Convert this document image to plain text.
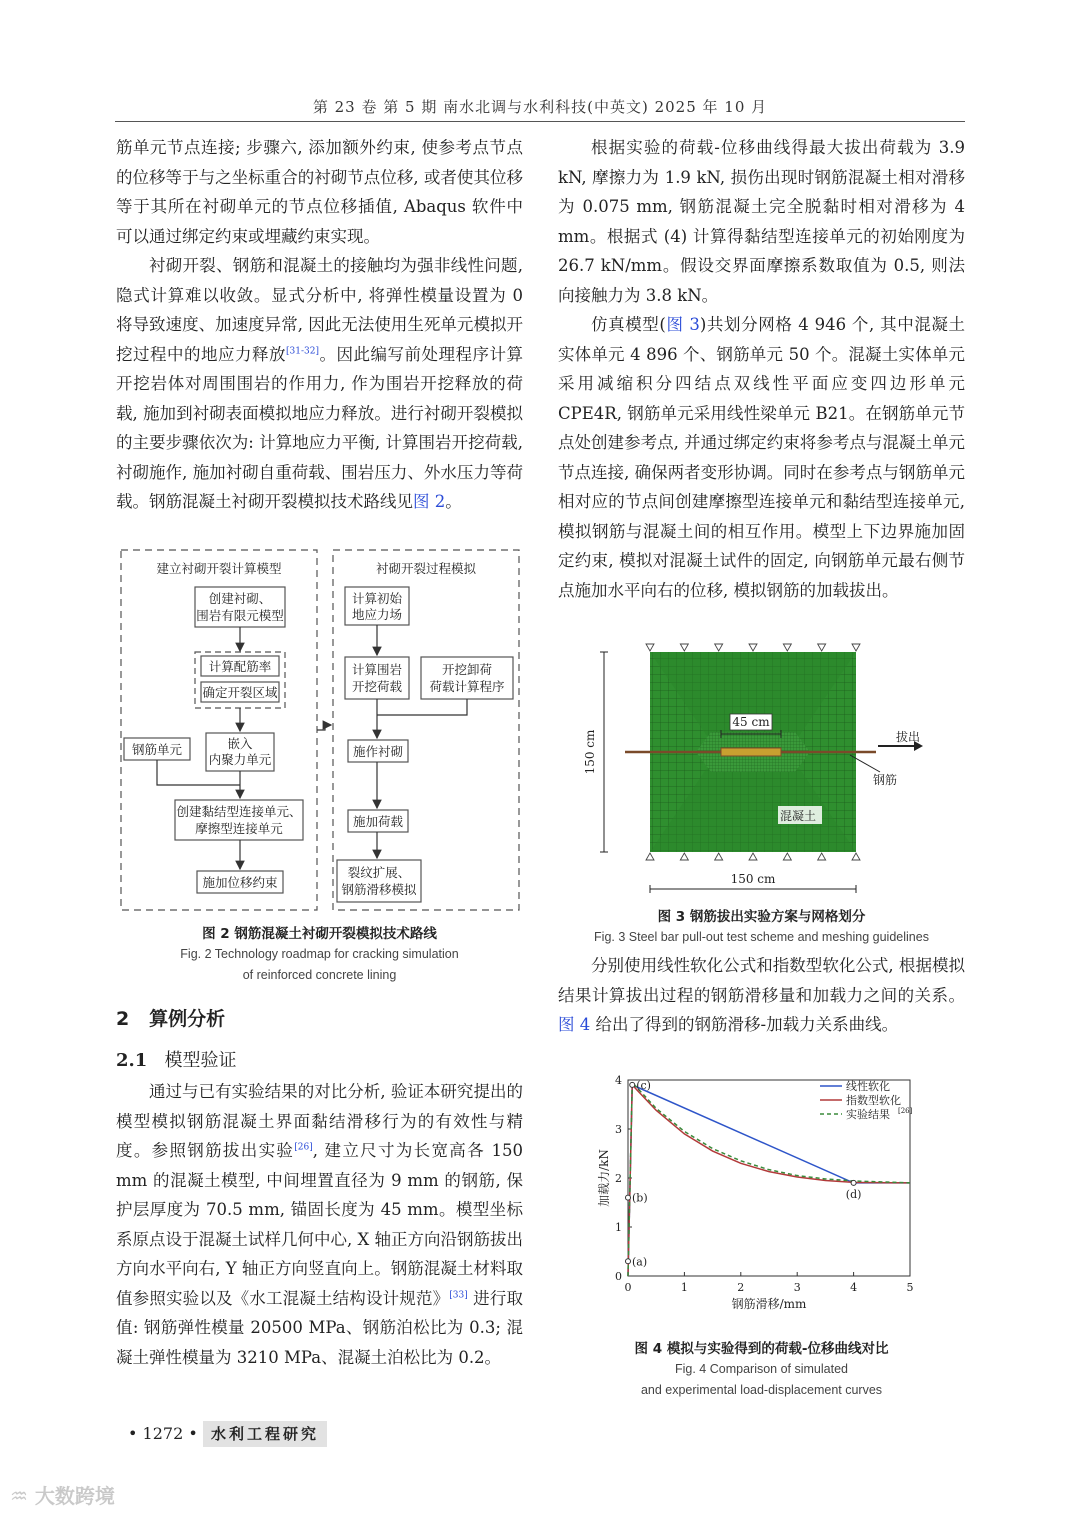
第 23 卷 第 5 期 南水北调与水利科技(中英文) 2025 年 10 月

筋单元节点连接; 步骤六, 添加额外约束, 使参考点节点的位移等于与之坐标重合的衬砌节点位移, 或者使其位移等于其所在衬砌单元的节点位移插值, Abaqus 软件中可以通过绑定约束或埋藏约束实现。

衬砌开裂、钢筋和混凝土的接触均为强非线性问题, 隐式计算难以收敛。显式分析中, 将弹性模量设置为 0 将导致速度、加速度异常, 因此无法使用生死单元模拟开挖过程中的地应力释放[31-32]。因此编写前处理程序计算开挖岩体对周围围岩的作用力, 作为围岩开挖释放的荷载, 施加到衬砌表面模拟地应力释放。进行衬砌开裂模拟的主要步骤依次为: 计算地应力平衡, 计算围岩开挖荷载, 衬砌施作, 施加衬砌自重荷载、围岩压力、外水压力等荷载。钢筋混凝土衬砌开裂模拟技术路线见图 2。

建立衬砌开裂计算模型	衬砌开裂过程模拟
创建衬砌、
围岩有限元模型
计算配筋率
确定开裂区域
钢筋单元	嵌入
内聚力单元
创建黏结型连接单元、
摩擦型连接单元
施加位移约束
计算初始
地应力场
计算围岩
开挖荷载
开挖卸荷
荷载计算程序
施作衬砌
施加荷载
裂纹扩展、
钢筋滑移模拟
图 2 钢筋混凝土衬砌开裂模拟技术路线
Fig. 2 Technology roadmap for cracking simulation
of reinforced concrete lining
2 算例分析
2.1 模型验证

通过与已有实验结果的对比分析, 验证本研究提出的模型模拟钢筋混凝土界面黏结滑移行为的有效性与精度。参照钢筋拔出实验[26], 建立尺寸为长宽高各 150 mm 的混凝土模型, 中间埋置直径为 9 mm 的钢筋, 保护层厚度为 70.5 mm, 锚固长度为 45 mm。模型坐标系原点设于混凝土试样几何中心, X 轴正方向沿钢筋拔出方向水平向右, Y 轴正方向竖直向上。钢筋混凝土材料取值参照实验以及《水工混凝土结构设计规范》[33] 进行取值: 钢筋弹性模量 20500 MPa、钢筋泊松比为 0.3; 混凝土弹性模量为 3210 MPa、混凝土泊松比为 0.2。

根据实验的荷载-位移曲线得最大拔出荷载为 3.9 kN, 摩擦力为 1.9 kN, 损伤出现时钢筋混凝土相对滑移为 0.075 mm, 钢筋混凝土完全脱黏时相对滑移为 4 mm。根据式 (4) 计算得黏结型连接单元的初始刚度为 26.7 kN/mm。假设交界面摩擦系数取值为 0.5, 则法向接触力为 3.8 kN。

仿真模型(图 3)共划分网格 4 946 个, 其中混凝土实体单元 4 896 个、钢筋单元 50 个。混凝土实体单元采用减缩积分四结点双线性平面应变四边形单元 CPE4R, 钢筋单元采用线性梁单元 B21。在钢筋单元节点处创建参考点, 并通过绑定约束将参考点与混凝土单元节点连接, 确保两者变形协调。同时在参考点与钢筋单元相对应的节点间创建摩擦型连接单元和黏结型连接单元, 模拟钢筋与混凝土间的相互作用。模型上下边界施加固定约束, 模拟对混凝土试件的固定, 向钢筋单元最右侧节点施加水平向右的位移, 模拟钢筋的加载拔出。

45 cm
150 cm
150 cm
拔出
钢筋
混凝土
图 3 钢筋拔出实验方案与网格划分
Fig. 3 Steel bar pull-out test scheme and meshing guidelines

分别使用线性软化公式和指数型软化公式, 根据模拟结果计算拔出过程的钢筋滑移量和加载力之间的关系。图 4 给出了得到的钢筋滑移-加载力关系曲线。

0	1	2	3	4	5
0
1
2
3
4
钢筋滑移/mm
加载力/kN
线性软化
指数型软化
实验结果 [26]
(a)
(b)
(c)
(d)
图 4 模拟与实验得到的荷载-位移曲线对比
Fig. 4 Comparison of simulated
and experimental load-displacement curves
• 1272 • 水利工程研究
♒ 大数跨境
